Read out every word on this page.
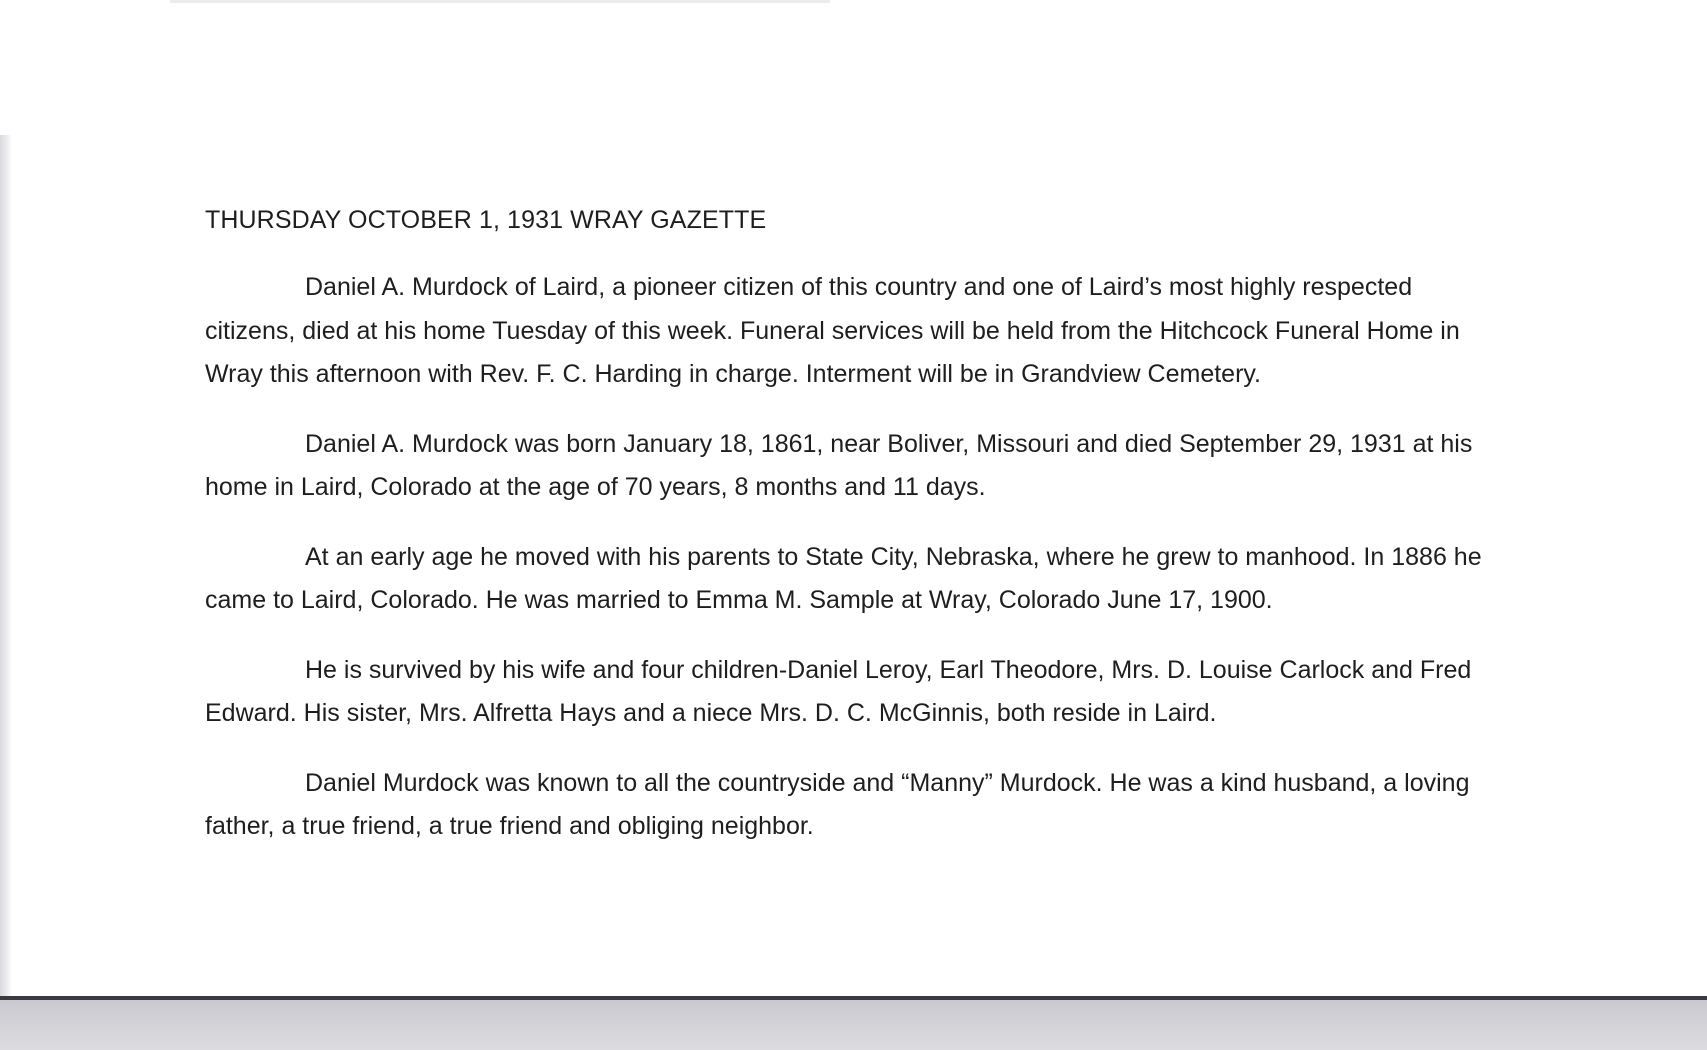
THURSDAY OCTOBER 1, 1931 WRAY GAZETTE

Daniel A. Murdock of Laird, a pioneer citizen of this country and one of Laird’s most highly respected citizens, died at his home Tuesday of this week. Funeral services will be held from the Hitchcock Funeral Home in Wray this afternoon with Rev. F. C. Harding in charge. Interment will be in Grandview Cemetery.

Daniel A. Murdock was born January 18, 1861, near Boliver, Missouri and died September 29, 1931 at his home in Laird, Colorado at the age of 70 years, 8 months and 11 days.

At an early age he moved with his parents to State City, Nebraska, where he grew to manhood. In 1886 he came to Laird, Colorado. He was married to Emma M. Sample at Wray, Colorado June 17, 1900.

He is survived by his wife and four children-Daniel Leroy, Earl Theodore, Mrs. D. Louise Carlock and Fred Edward. His sister, Mrs. Alfretta Hays and a niece Mrs. D. C. McGinnis, both reside in Laird.

Daniel Murdock was known to all the countryside and “Manny” Murdock. He was a kind husband, a loving father, a true friend, a true friend and obliging neighbor.
